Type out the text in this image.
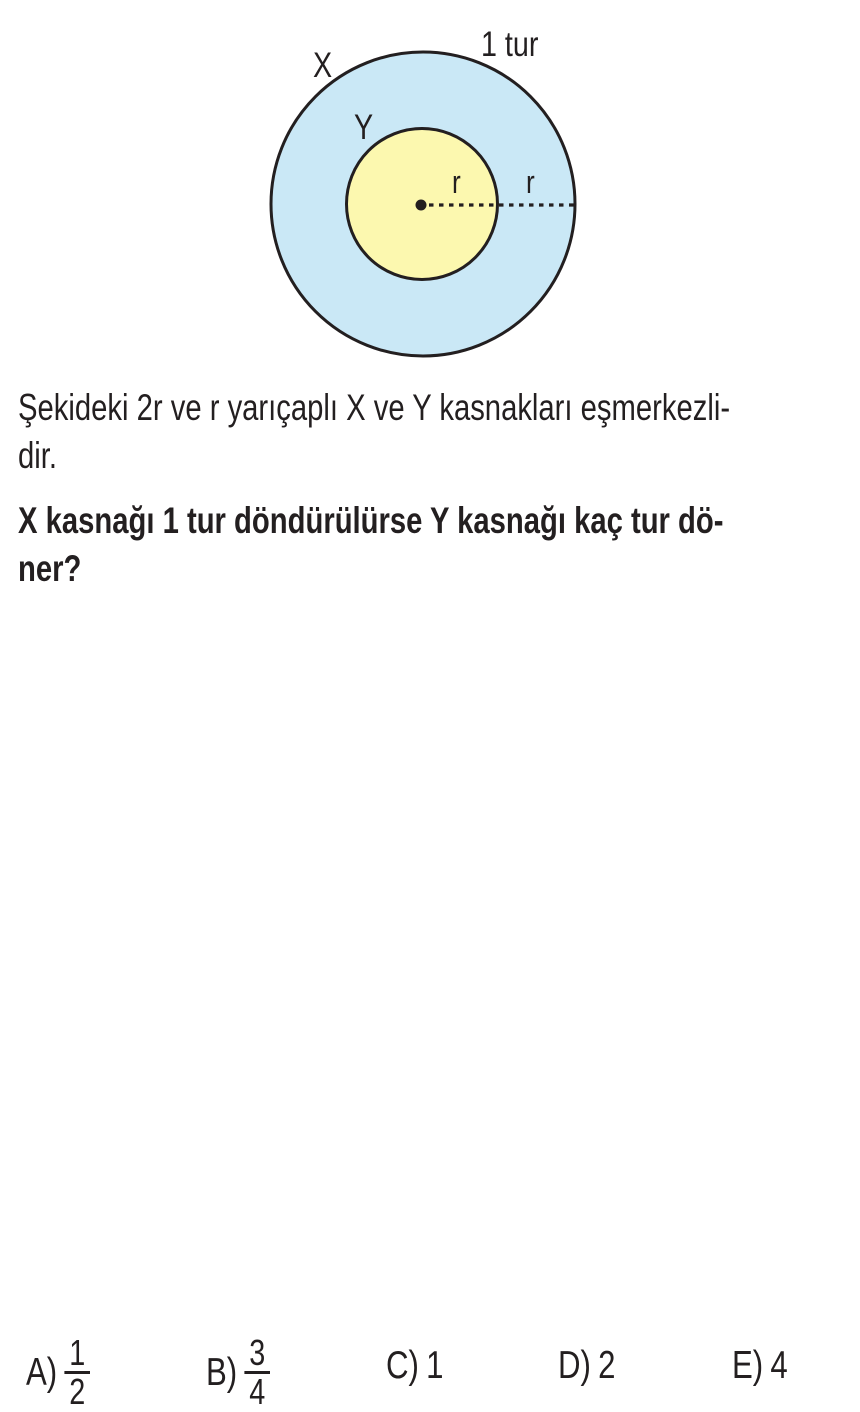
X
Y
1 tur
r r
Şekideki 2r ve r yarıçaplı X ve Y kasnakları eşmerkezli-
dir.
X kasnağı 1 tur döndürülürse Y kasnağı kaç tur dö-
ner?
$A) \frac{1}{2}$	$B) \frac{3}{4}$	C) 1	D) 2	E) 4
